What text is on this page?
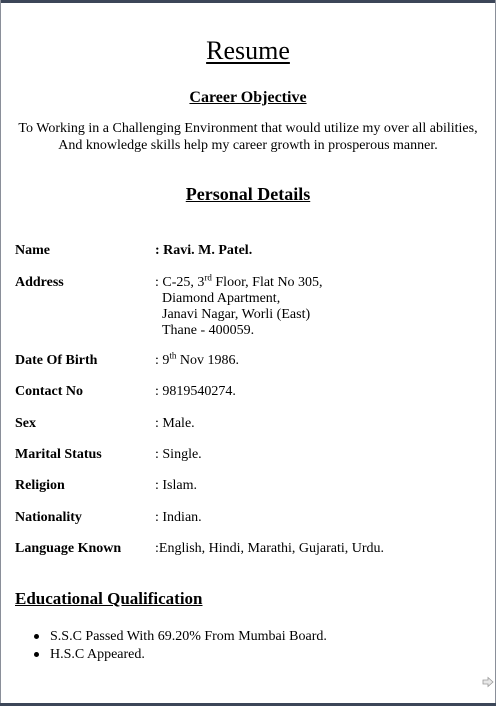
Resume
Career Objective
To Working in a Challenging Environment that would utilize my over all abilities,
And knowledge skills help my career growth in prosperous manner.
Personal Details
Name	: Ravi. M. Patel.
Address	: C-25, 3rd Floor, Flat No 305,
Diamond Apartment,
Janavi Nagar, Worli (East)
Thane - 400059.
Date Of Birth	: 9th Nov 1986.
Contact No	: 9819540274.
Sex	: Male.
Marital Status	: Single.
Religion	: Islam.
Nationality	: Indian.
Language Known :English, Hindi, Marathi, Gujarati, Urdu.
Educational Qualification
S.S.C Passed With 69.20% From Mumbai Board.
H.S.C Appeared.
